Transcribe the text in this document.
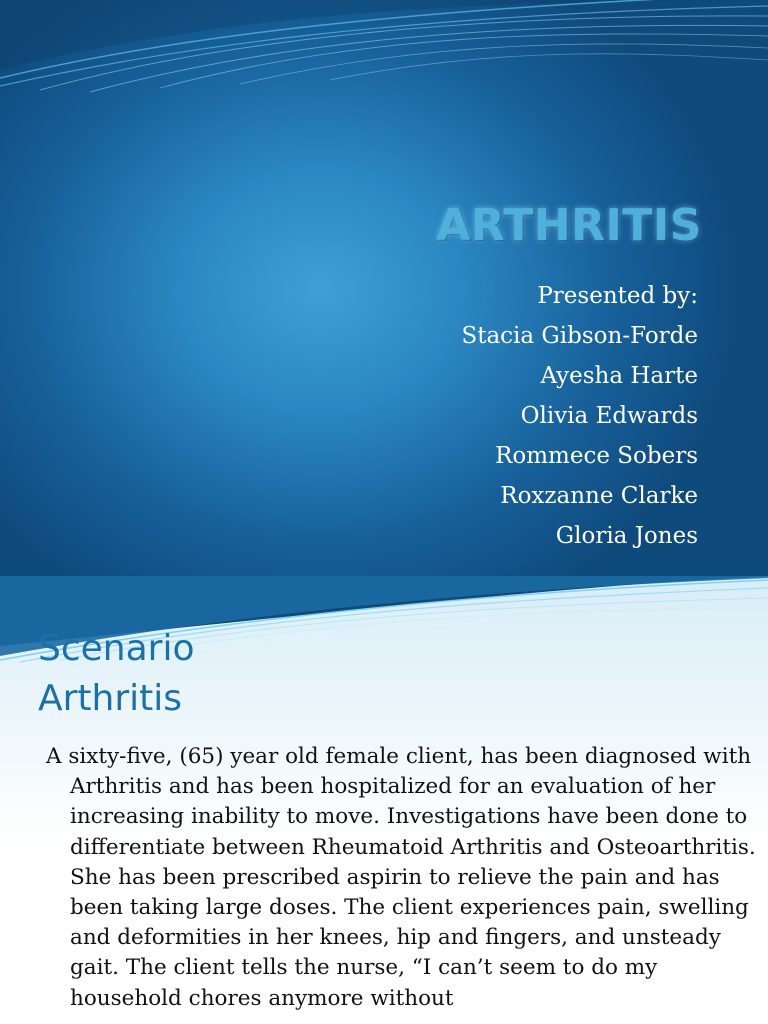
ARTHRITIS
Presented by:
Stacia Gibson-Forde
Ayesha Harte
Olivia Edwards
Rommece Sobers
Roxzanne Clarke
Gloria Jones
Scenario
Arthritis

A sixty-five, (65) year old female client, has been diagnosed with Arthritis and has been hospitalized for an evaluation of her increasing inability to move. Investigations have been done to differentiate between Rheumatoid Arthritis and Osteoarthritis. She has been prescribed aspirin to relieve the pain and has been taking large doses. The client experiences pain, swelling and deformities in her knees, hip and fingers, and unsteady gait. The client tells the nurse, “I can’t seem to do my household chores anymore without
